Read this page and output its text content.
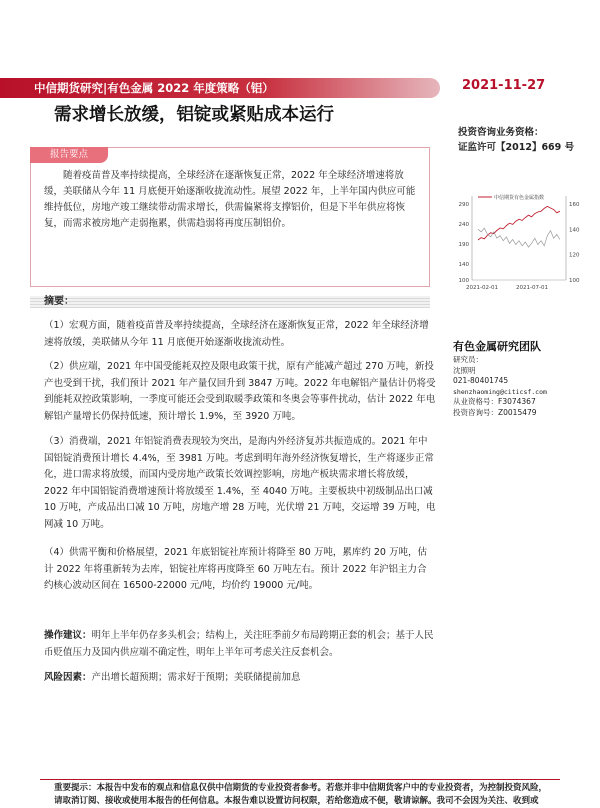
中信期货研究|有色金属 2022 年度策略（铝）	2021-11-27
需求增长放缓，铝锭或紧贴成本运行
投资咨询业务资格：
证监许可【2012】669 号
报告要点
随着疫苗普及率持续提高，全球经济在逐渐恢复正常，2022 年全球经济增速将放缓，美联储从今年 11 月底便开始逐渐收拢流动性。展望 2022 年，上半年国内供应可能维持低位，房地产竣工继续带动需求增长，供需偏紧将支撑铝价，但是下半年供应将恢复，而需求被房地产走弱拖累，供需趋弱将再度压制铝价。
中信期货有色金属指数
100
140
190
240
290
100
120
140
160
2021-02-01	2021-07-01
摘要：
（1）宏观方面，随着疫苗普及率持续提高，全球经济在逐渐恢复正常，2022 年全球经济增速将放缓，美联储从今年 11 月底便开始逐渐收拢流动性。
（2）供应端，2021 年中国受能耗双控及限电政策干扰，原有产能减产超过 270 万吨，新投产也受到干扰，我们预计 2021 年产量仅回升到 3847 万吨。2022 年电解铝产量估计仍将受到能耗双控政策影响，一季度可能还会受到取暖季政策和冬奥会等事件扰动，估计 2022 年电解铝产量增长仍保持低速，预计增长 1.9%，至 3920 万吨。
（3）消费端，2021 年铝锭消费表现较为突出，是海内外经济复苏共振造成的。2021 年中国铝锭消费预计增长 4.4%，至 3981 万吨。考虑到明年海外经济恢复增长，生产将逐步正常化，进口需求将放缓，而国内受房地产政策长效调控影响，房地产板块需求增长将放缓，2022 年中国铝锭消费增速预计将放缓至 1.4%，至 4040 万吨。主要板块中初级制品出口减 10 万吨，产成品出口减 10 万吨，房地产增 28 万吨，光伏增 21 万吨，交运增 39 万吨，电网减 10 万吨。
（4）供需平衡和价格展望，2021 年底铝锭社库预计将降至 80 万吨，累库约 20 万吨，估计 2022 年将重新转为去库，铝锭社库将再度降至 60 万吨左右。预计 2022 年沪铝主力合约核心波动区间在 16500-22000 元/吨，均价约 19000 元/吨。
操作建议：明年上半年仍存多头机会；结构上，关注旺季前夕布局跨期正套的机会；基于人民币贬值压力及国内供应端不确定性，明年上半年可考虑关注反套机会。
风险因素：产出增长超预期；需求好于预期；美联储提前加息
有色金属研究团队
研究员：
沈照明
021-80401745
shenzhaoming@citicsf.com
从业资格号：F3074367
投资咨询号：Z0015479
重要提示：本报告中发布的观点和信息仅供中信期货的专业投资者参考。若您并非中信期货客户中的专业投资者，为控制投资风险，
请取消订阅、接收或使用本报告的任何信息。本报告难以设置访问权限，若给您造成不便，敬请谅解。我司不会因为关注、收到或
